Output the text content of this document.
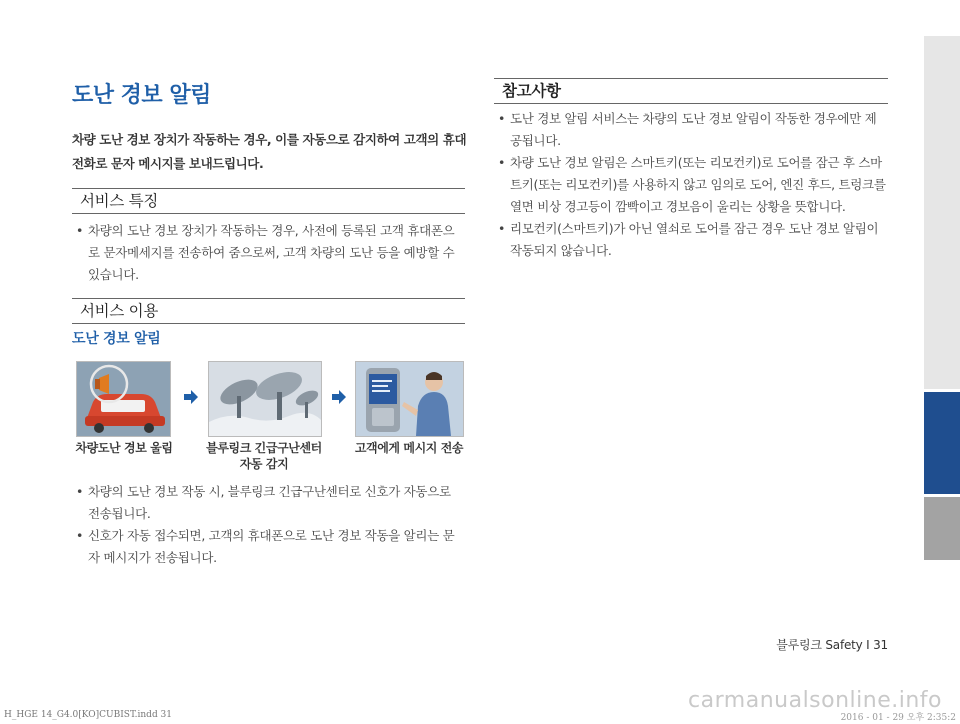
도난 경보 알림
차량 도난 경보 장치가 작동하는 경우, 이를 자동으로 감지하여 고객의 휴대전화로 문자 메시지를 보내드립니다.
서비스 특징
• 차량의 도난 경보 장치가 작동하는 경우, 사전에 등록된 고객 휴대폰으로 문자메세지를 전송하여 줌으로써, 고객 차량의 도난 등을 예방할 수 있습니다.
서비스 이용
도난 경보 알림
차량도난 경보 울림	블루링크 긴급구난센터
자동 감지
고객에게 메시지 전송
• 차량의 도난 경보 작동 시, 블루링크 긴급구난센터로 신호가 자동으로 전송됩니다.
• 신호가 자동 접수되면, 고객의 휴대폰으로 도난 경보 작동을 알리는 문자 메시지가 전송됩니다.
참고사항
• 도난 경보 알림 서비스는 차량의 도난 경보 알림이 작동한 경우에만 제공됩니다.
• 차량 도난 경보 알림은 스마트키(또는 리모컨키)로 도어를 잠근 후 스마트키(또는 리모컨키)를 사용하지 않고 임의로 도어, 엔진 후드, 트렁크를 열면 비상 경고등이 깜빡이고 경보음이 울리는 상황을 뜻합니다.
• 리모컨키(스마트키)가 아닌 열쇠로 도어를 잠근 경우 도난 경보 알림이 작동되지 않습니다.
블루링크 Safety I 31
carmanualsonline.info
H_HGE 14_G4.0[KO]CUBIST.indd 31	2016 - 01 - 29 오후 2:35:2
